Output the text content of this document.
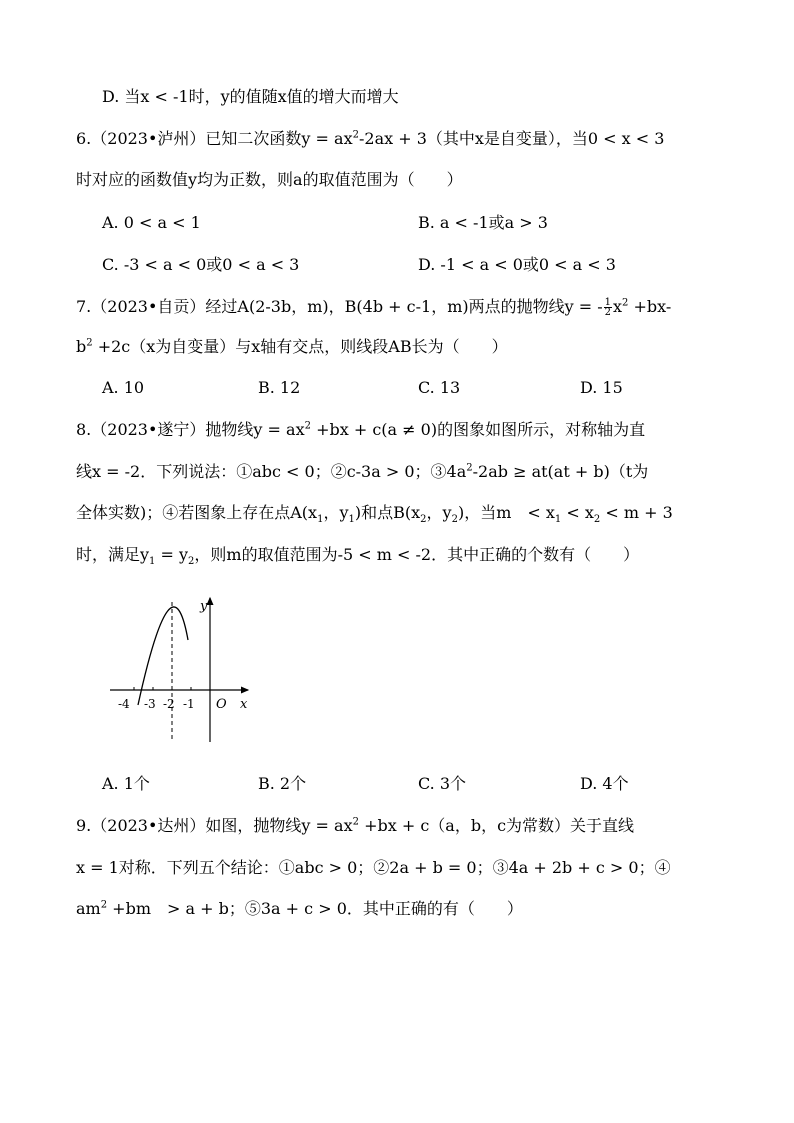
D. 当x < -1时，y的值随x值的增大而增大
6.（2023•泸州）已知二次函数$y = ax^2-2ax + 3$（其中x是自变量），当0 < x < 3
时对应的函数值y均为正数，则a的取值范围为（　　）
A. 0 < a < 1	B. a < -1或a > 3
C. -3 < a < 0或0 < a < 3	D. -1 < a < 0或0 < a < 3
7.（2023•自贡）经过A(2-3b，m)，B(4b + c-1，m)两点的抛物线y = - $\frac{1}{2} x^2 +bx-$
$b^2 +2c(x$为自变量）与x轴有交点，则线段AB长为（　　）
A. 10	B. 12	C. 13	D. 15
8.（2023•遂宁）抛物线$y = ax^2 +bx + c(a \ne 0)$的图象如图所示，对称轴为直
线x = -2．下列说法：①abc < 0；②c-3a > 0；$③4a^2-2ab \ge at(at + b)(t$为
全体实数)；④若图象上存在点$A(x_1$，$y_1$)和点$B(x_2$，$y_2$)，当m　< $x_1 < x_2 < m + 3$
时，满足$y_1 = y_2$，则m的取值范围为-5 < m < -2．其中正确的个数有（　　）
y
x
O
-4 -3 -2 -1
A. 1个	B. 2个	C. 3个	D. 4个
9.（2023•达州）如图，抛物线$y = ax^2 +bx + c(a$，b，c为常数）关于直线
x = 1对称．下列五个结论：①abc > 0；②2a + b = 0；③4a + 2b + c > 0；④
$am^2 +bm$　> a + b；⑤3a + c > 0．其中正确的有（　　）
